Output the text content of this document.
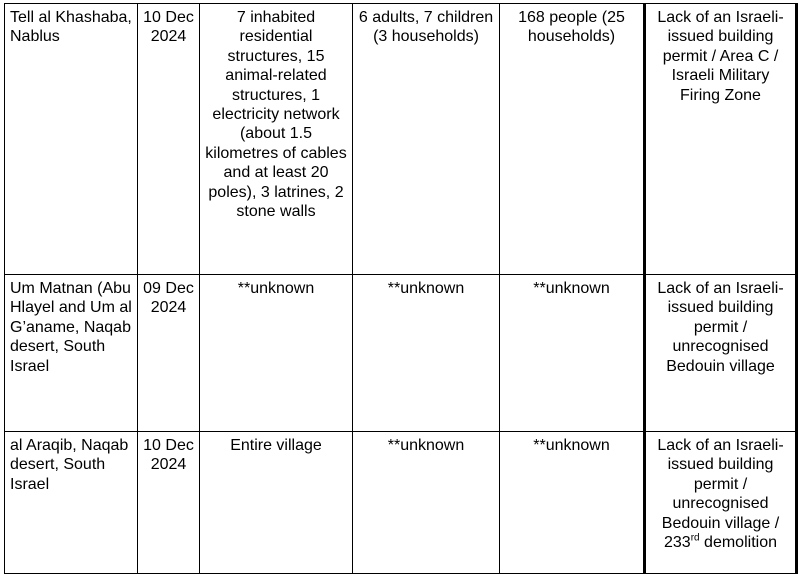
Tell al Khashaba, Nablus	10 Dec 2024	7 inhabited residential structures, 15 animal-related structures, 1 electricity network (about 1.5 kilometres of cables and at least 20 poles), 3 latrines, 2 stone walls	6 adults, 7 children (3 households)	168 people (25 households)	Lack of an Israeli-issued building permit / Area C / Israeli Military Firing Zone
Um Matnan (Abu Hlayel and Um al G’aname, Naqab desert, South Israel	09 Dec 2024	**unknown	**unknown	**unknown	Lack of an Israeli-issued building permit / unrecognised Bedouin village
al Araqib, Naqab desert, South Israel	10 Dec 2024	Entire village	**unknown	**unknown	Lack of an Israeli-issued building permit / unrecognised Bedouin village / 233rd demolition
